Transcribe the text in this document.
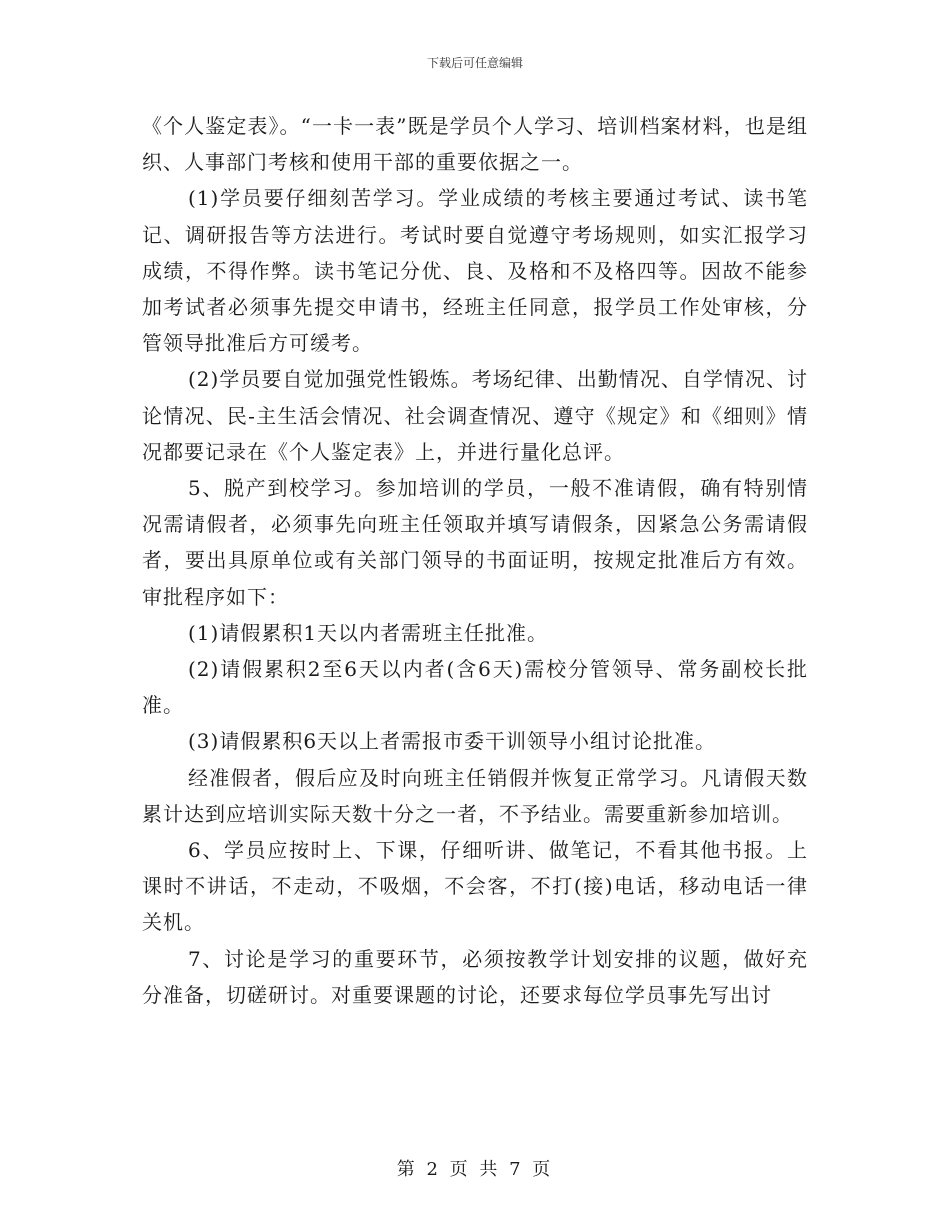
下载后可任意编辑

《个人鉴定表》。“一卡一表”既是学员个人学习、培训档案材料，也是组织、人事部门考核和使用干部的重要依据之一。

(1)学员要仔细刻苦学习。学业成绩的考核主要通过考试、读书笔记、调研报告等方法进行。考试时要自觉遵守考场规则，如实汇报学习成绩，不得作弊。读书笔记分优、良、及格和不及格四等。因故不能参加考试者必须事先提交申请书，经班主任同意，报学员工作处审核，分管领导批准后方可缓考。

(2)学员要自觉加强党性锻炼。考场纪律、出勤情况、自学情况、讨论情况、民-主生活会情况、社会调查情况、遵守《规定》和《细则》情况都要记录在《个人鉴定表》上，并进行量化总评。

5、脱产到校学习。参加培训的学员，一般不准请假，确有特别情况需请假者，必须事先向班主任领取并填写请假条，因紧急公务需请假者，要出具原单位或有关部门领导的书面证明，按规定批准后方有效。审批程序如下：

(1)请假累积1天以内者需班主任批准。

(2)请假累积2至6天以内者(含6天)需校分管领导、常务副校长批准。

(3)请假累积6天以上者需报市委干训领导小组讨论批准。

经准假者，假后应及时向班主任销假并恢复正常学习。凡请假天数累计达到应培训实际天数十分之一者，不予结业。需要重新参加培训。

6、学员应按时上、下课，仔细听讲、做笔记，不看其他书报。上课时不讲话，不走动，不吸烟，不会客，不打(接)电话，移动电话一律关机。

7、讨论是学习的重要环节，必须按教学计划安排的议题，做好充分准备，切磋研讨。对重要课题的讨论，还要求每位学员事先写出讨

第 2 页 共 7 页
